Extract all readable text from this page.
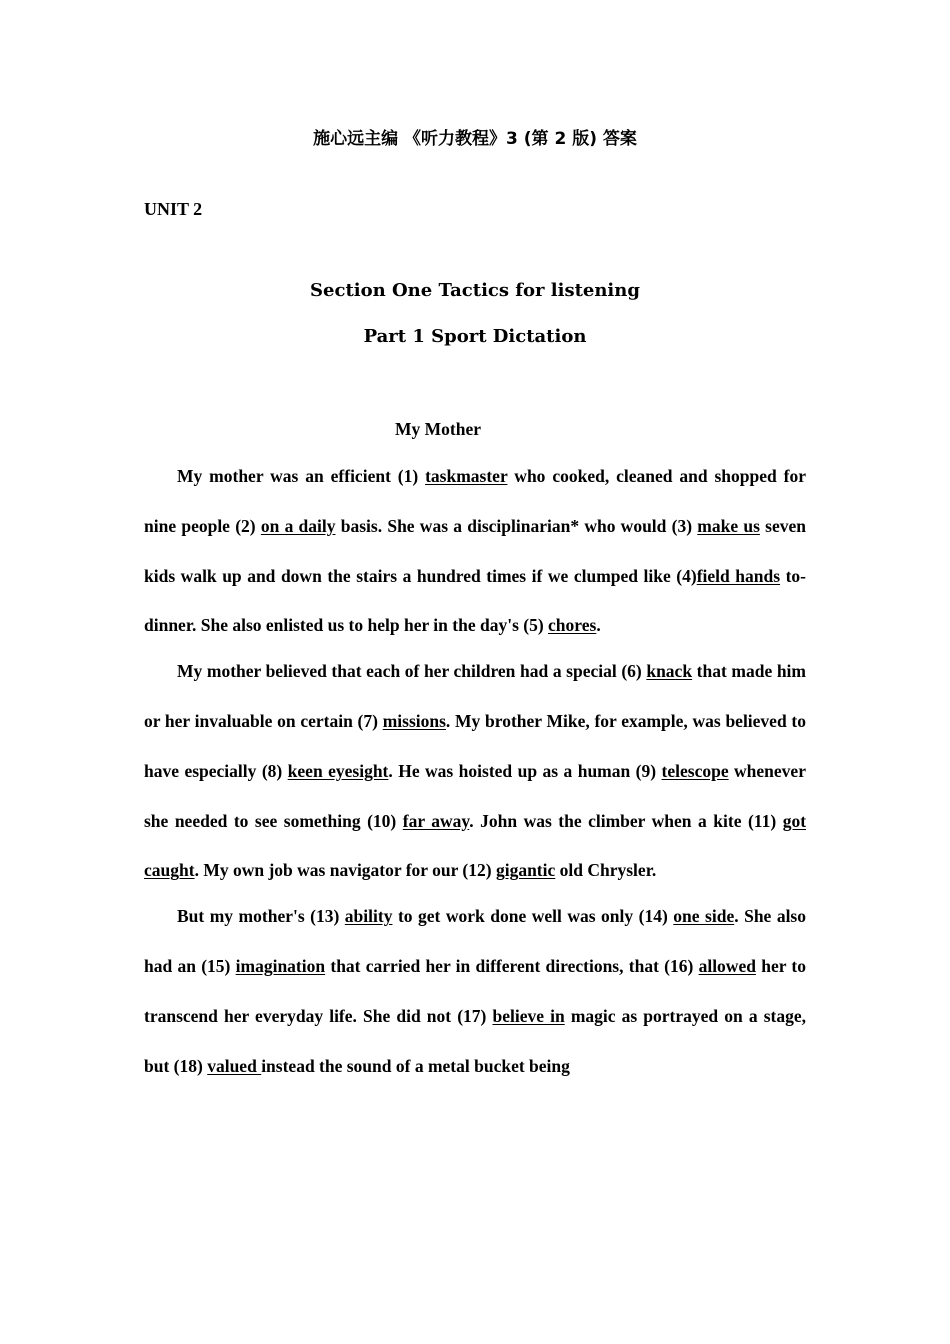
施心远主编 《听力教程》3 (第 2 版) 答案
UNIT 2
Section One Tactics for listening
Part 1 Sport Dictation
My Mother

My mother was an efficient (1) taskmaster who cooked, cleaned and shopped for nine people (2) on a daily basis. She was a disciplinarian* who would (3) make us seven kids walk up and down the stairs a hundred times if we clumped like (4)field hands to-dinner. She also enlisted us to help her in the day's (5) chores.

My mother believed that each of her children had a special (6) knack that made him or her invaluable on certain (7) missions. My brother Mike, for example, was believed to have especially (8) keen eyesight. He was hoisted up as a human (9) telescope whenever she needed to see something (10) far away. John was the climber when a kite (11) got caught. My own job was navigator for our (12) gigantic old Chrysler.

But my mother's (13) ability to get work done well was only (14) one side. She also had an (15) imagination that carried her in different directions, that (16) allowed her to transcend her everyday life. She did not (17) believe in magic as portrayed on a stage, but (18) valued instead the sound of a metal bucket being
